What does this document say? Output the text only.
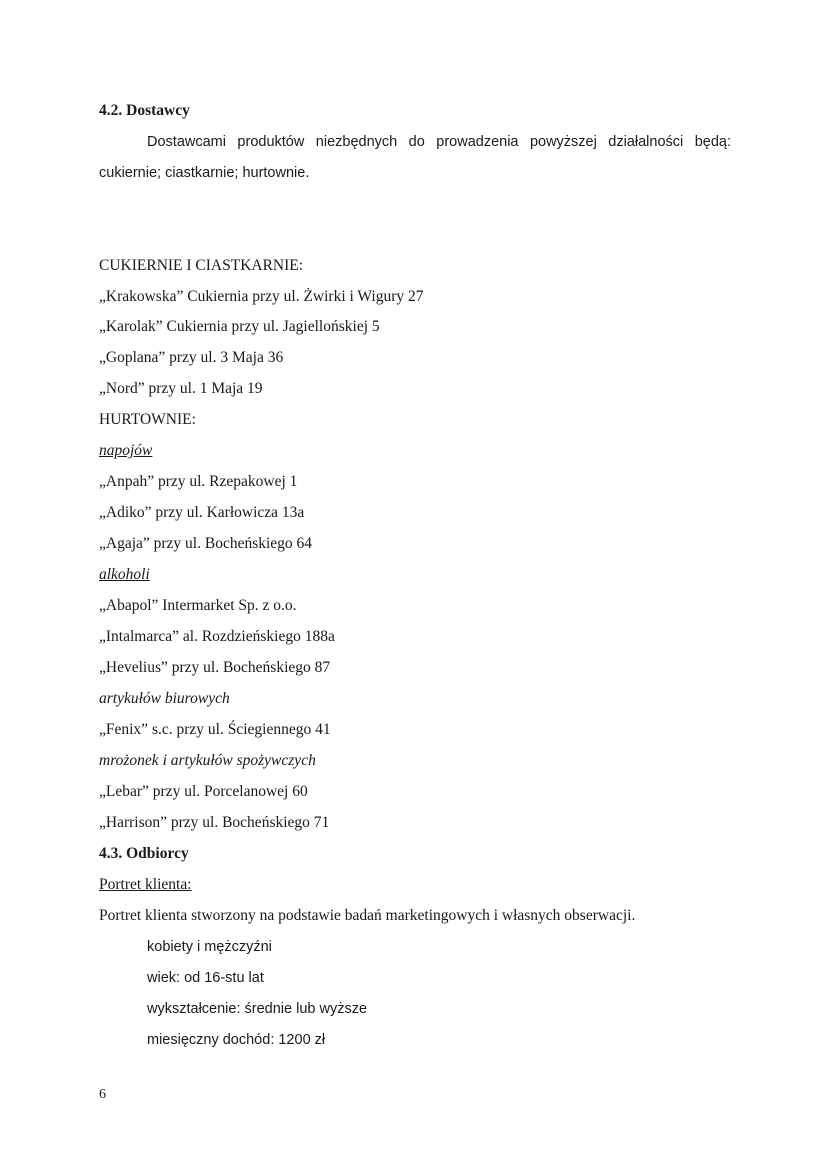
4.2. Dostawcy
Dostawcami produktów niezbędnych do prowadzenia powyższej działalności będą:
cukiernie; ciastkarnie; hurtownie.
CUKIERNIE I CIASTKARNIE:
„Krakowska” Cukiernia przy ul. Żwirki i Wigury 27
„Karolak” Cukiernia przy ul. Jagiellońskiej 5
„Goplana” przy ul. 3 Maja 36
„Nord” przy ul. 1 Maja 19
HURTOWNIE:
napojów
„Anpah” przy ul. Rzepakowej 1
„Adiko” przy ul. Karłowicza 13a
„Agaja” przy ul. Bocheńskiego 64
alkoholi
„Abapol” Intermarket Sp. z o.o.
„Intalmarca” al. Rozdzieńskiego 188a
„Hevelius” przy ul. Bocheńskiego 87
artykułów biurowych
„Fenix” s.c. przy ul. Ściegiennego 41
mrożonek i artykułów spożywczych
„Lebar” przy ul. Porcelanowej 60
„Harrison” przy ul. Bocheńskiego 71
4.3. Odbiorcy
Portret klienta:
Portret klienta stworzony na podstawie badań marketingowych i własnych obserwacji.
kobiety i mężczyźni
wiek: od 16-stu lat
wykształcenie: średnie lub wyższe
miesięczny dochód: 1200 zł
6
